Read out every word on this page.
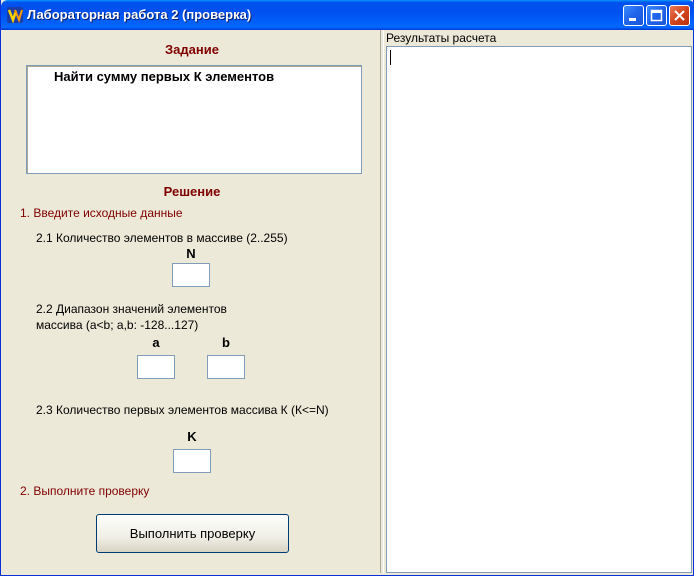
Лабораторная работа 2 (проверка)
Задание
Найти сумму первых К элементов
Решение
1. Введите исходные данные
2.1 Количество элементов в массиве (2..255)
N
2.2 Диапазон значений элементов
массива (a<b; a,b: -128...127)
a	b
2.3 Количество первых элементов массива К (К<=N)
K
2. Выполните проверку
Выполнить проверку
Результаты расчета
